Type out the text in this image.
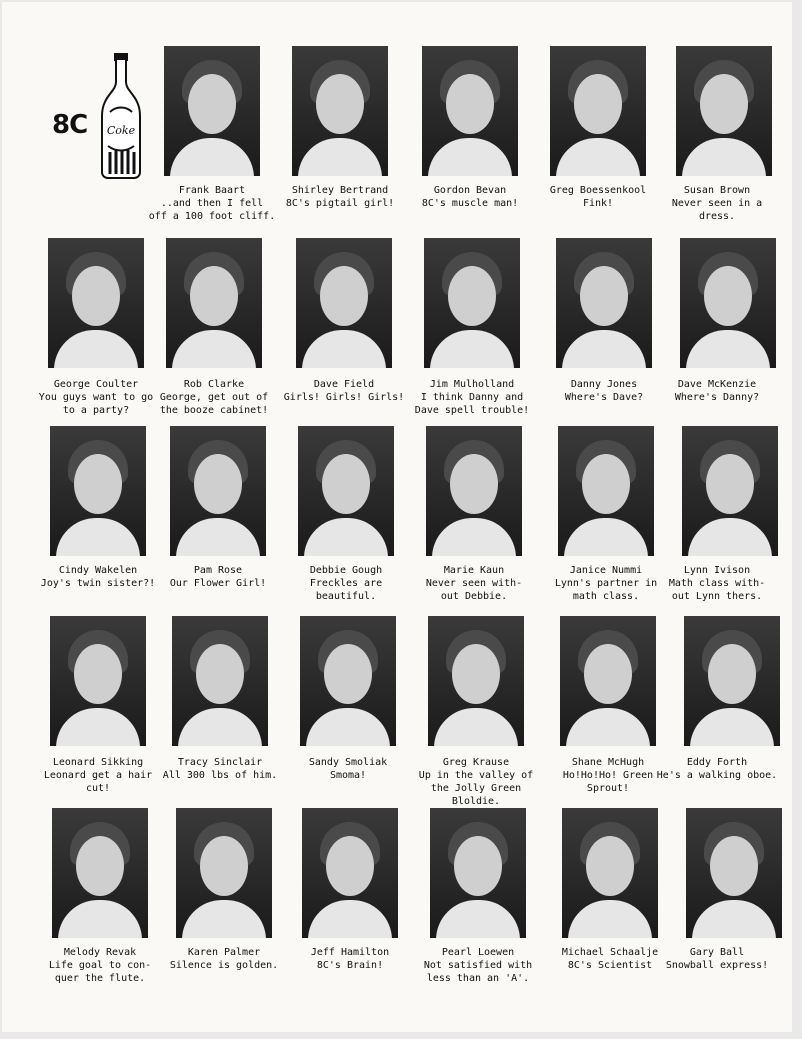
8C Coke
Frank Baart
..and then I fell
off a 100 foot cliff.
Shirley Bertrand
8C's pigtail girl!
Gordon Bevan
8C's muscle man!
Greg Boessenkool
Fink!
Susan Brown
Never seen in a
dress.
George Coulter
You guys want to go
to a party?
Rob Clarke
George, get out of
the booze cabinet!
Dave Field
Girls! Girls! Girls!
Jim Mulholland
I think Danny and
Dave spell trouble!
Danny Jones
Where's Dave?
Dave McKenzie
Where's Danny?
Cindy Wakelen
Joy's twin sister?!
Pam Rose
Our Flower Girl!
Debbie Gough
Freckles are
beautiful.
Marie Kaun
Never seen with-
out Debbie.
Janice Nummi
Lynn's partner in
math class.
Lynn Ivison
Math class with-
out Lynn thers.
Leonard Sikking
Leonard get a hair
cut!
Tracy Sinclair
All 300 lbs of him.
Sandy Smoliak
Smoma!
Greg Krause
Up in the valley of
the Jolly Green
Bloldie.
Shane McHugh
Ho!Ho!Ho! Green
Sprout!
Eddy Forth
He's a walking oboe.
Melody Revak
Life goal to con-
quer the flute.
Karen Palmer
Silence is golden.
Jeff Hamilton
8C's Brain!
Pearl Loewen
Not satisfied with
less than an 'A'.
Michael Schaalje
8C's Scientist
Gary Ball
Snowball express!
